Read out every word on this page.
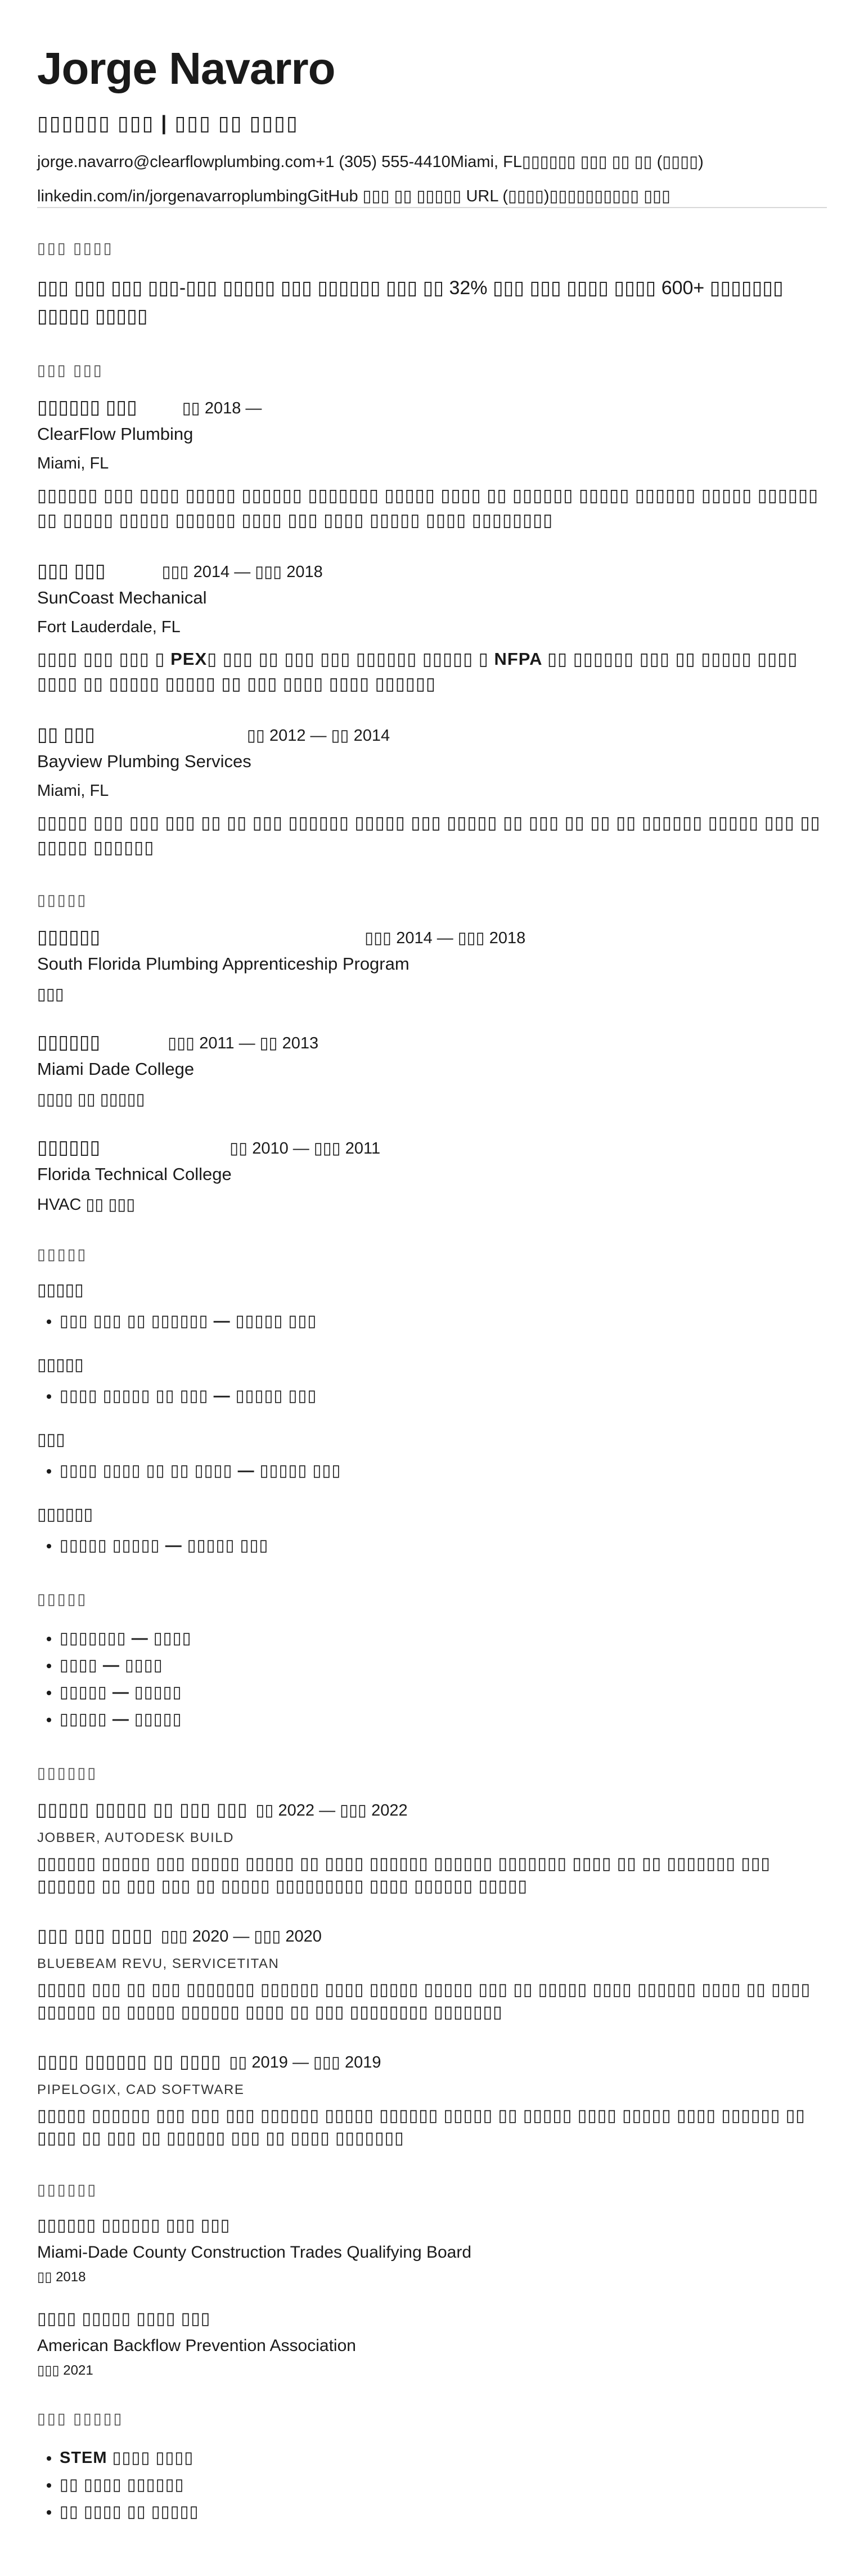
Jorge Navarro
▯▯▯▯▯▯ ▯▯▯ | ▯▯▯ ▯▯ ▯▯▯▯
jorge.navarro@clearflowplumbing.com+1 (305) 555-4410Miami, FL▯▯▯▯▯▯ ▯▯▯ ▯▯ ▯▯ (▯▯▯▯)
linkedin.com/in/jorgenavarroplumbingGitHub ▯▯▯ ▯▯ ▯▯▯▯▯ URL (▯▯▯▯)▯▯▯▯▯▯▯▯▯▯ ▯▯▯
▯▯▯ ▯▯▯▯

▯▯▯ ▯▯▯ ▯▯▯ ▯▯▯-▯▯▯ ▯▯▯▯▯ ▯▯▯ ▯▯▯▯▯▯ ▯▯▯ ▯▯ 32% ▯▯▯ ▯▯▯ ▯▯▯▯ ▯▯▯▯ 600+ ▯▯▯▯▯▯▯ ▯▯▯▯▯ ▯▯▯▯▯

▯▯▯ ▯▯▯
▯▯▯▯▯▯ ▯▯▯	▯▯ 2018 —
ClearFlow Plumbing
Miami, FL
▯▯▯▯▯▯ ▯▯▯ ▯▯▯▯ ▯▯▯▯▯ ▯▯▯▯▯▯ ▯▯▯▯▯▯▯ ▯▯▯▯▯ ▯▯▯▯ ▯▯ ▯▯▯▯▯▯ ▯▯▯▯▯ ▯▯▯▯▯▯ ▯▯▯▯▯ ▯▯▯▯▯▯ ▯▯ ▯▯▯▯▯ ▯▯▯▯▯ ▯▯▯▯▯▯ ▯▯▯▯ ▯▯▯ ▯▯▯▯ ▯▯▯▯▯ ▯▯▯▯ ▯▯▯▯▯▯▯▯
▯▯▯ ▯▯▯	▯▯▯ 2014 — ▯▯▯ 2018
SunCoast Mechanical
Fort Lauderdale, FL
▯▯▯▯ ▯▯▯ ▯▯▯ ▯ PEX▯ ▯▯▯ ▯▯ ▯▯▯ ▯▯▯ ▯▯▯▯▯▯ ▯▯▯▯▯ ▯ NFPA ▯▯ ▯▯▯▯▯▯ ▯▯▯ ▯▯ ▯▯▯▯▯ ▯▯▯▯ ▯▯▯▯ ▯▯ ▯▯▯▯▯ ▯▯▯▯▯ ▯▯ ▯▯▯ ▯▯▯▯ ▯▯▯▯ ▯▯▯▯▯▯
▯▯ ▯▯▯	▯▯ 2012 — ▯▯ 2014
Bayview Plumbing Services
Miami, FL
▯▯▯▯▯ ▯▯▯ ▯▯▯ ▯▯▯ ▯▯ ▯▯ ▯▯▯ ▯▯▯▯▯▯ ▯▯▯▯▯ ▯▯▯ ▯▯▯▯▯ ▯▯ ▯▯▯ ▯▯ ▯▯ ▯▯ ▯▯▯▯▯▯ ▯▯▯▯▯ ▯▯▯ ▯▯ ▯▯▯▯▯ ▯▯▯▯▯▯
▯▯▯▯▯
▯▯▯▯▯▯	▯▯▯ 2014 — ▯▯▯ 2018
South Florida Plumbing Apprenticeship Program
▯▯▯
▯▯▯▯▯▯	▯▯▯ 2011 — ▯▯ 2013
Miami Dade College
▯▯▯▯ ▯▯ ▯▯▯▯▯
▯▯▯▯▯▯	▯▯ 2010 — ▯▯▯ 2011
Florida Technical College
HVAC ▯▯ ▯▯▯
▯▯▯▯▯
▯▯▯▯▯
• ▯▯▯ ▯▯▯ ▯▯ ▯▯▯▯▯▯ — ▯▯▯▯▯ ▯▯▯
▯▯▯▯▯
• ▯▯▯▯ ▯▯▯▯▯ ▯▯ ▯▯▯ — ▯▯▯▯▯ ▯▯▯
▯▯▯
• ▯▯▯▯ ▯▯▯▯ ▯▯ ▯▯ ▯▯▯▯ — ▯▯▯▯▯ ▯▯▯
▯▯▯▯▯▯
• ▯▯▯▯▯ ▯▯▯▯▯ — ▯▯▯▯▯ ▯▯▯
▯▯▯▯▯
• ▯▯▯▯▯▯▯ — ▯▯▯▯
• ▯▯▯▯ — ▯▯▯▯
• ▯▯▯▯▯ — ▯▯▯▯▯
• ▯▯▯▯▯ — ▯▯▯▯▯
▯▯▯▯▯▯
▯▯▯▯▯ ▯▯▯▯▯ ▯▯ ▯▯▯ ▯▯▯ ▯▯ 2022 — ▯▯▯ 2022
JOBBER, AUTODESK BUILD
▯▯▯▯▯▯ ▯▯▯▯▯ ▯▯▯ ▯▯▯▯▯ ▯▯▯▯▯ ▯▯ ▯▯▯▯ ▯▯▯▯▯▯ ▯▯▯▯▯▯ ▯▯▯▯▯▯▯ ▯▯▯▯ ▯▯ ▯▯ ▯▯▯▯▯▯▯ ▯▯▯ ▯▯▯▯▯▯ ▯▯ ▯▯▯ ▯▯▯ ▯▯ ▯▯▯▯▯ ▯▯▯▯▯▯▯▯▯ ▯▯▯▯ ▯▯▯▯▯▯ ▯▯▯▯▯
▯▯▯ ▯▯▯ ▯▯▯▯ ▯▯▯ 2020 — ▯▯▯ 2020
BLUEBEAM REVU, SERVICETITAN
▯▯▯▯▯ ▯▯▯ ▯▯ ▯▯▯ ▯▯▯▯▯▯▯ ▯▯▯▯▯▯ ▯▯▯▯ ▯▯▯▯▯ ▯▯▯▯▯ ▯▯▯ ▯▯ ▯▯▯▯▯ ▯▯▯▯ ▯▯▯▯▯▯ ▯▯▯▯ ▯▯ ▯▯▯▯ ▯▯▯▯▯▯ ▯▯ ▯▯▯▯▯ ▯▯▯▯▯▯ ▯▯▯▯ ▯▯ ▯▯▯ ▯▯▯▯▯▯▯▯ ▯▯▯▯▯▯▯
▯▯▯▯ ▯▯▯▯▯▯ ▯▯ ▯▯▯▯ ▯▯ 2019 — ▯▯▯ 2019
PIPELOGIX, CAD SOFTWARE
▯▯▯▯▯ ▯▯▯▯▯▯ ▯▯▯ ▯▯▯ ▯▯▯ ▯▯▯▯▯▯ ▯▯▯▯▯ ▯▯▯▯▯▯ ▯▯▯▯▯ ▯▯ ▯▯▯▯▯ ▯▯▯▯ ▯▯▯▯▯ ▯▯▯▯ ▯▯▯▯▯▯ ▯▯ ▯▯▯▯ ▯▯ ▯▯▯ ▯▯ ▯▯▯▯▯▯ ▯▯▯ ▯▯ ▯▯▯▯ ▯▯▯▯▯▯▯
▯▯▯▯▯▯
▯▯▯▯▯▯ ▯▯▯▯▯▯ ▯▯▯ ▯▯▯
Miami-Dade County Construction Trades Qualifying Board
▯▯ 2018
▯▯▯▯ ▯▯▯▯▯ ▯▯▯▯ ▯▯▯
American Backflow Prevention Association
▯▯▯ 2021
▯▯▯ ▯▯▯▯▯
• STEM ▯▯▯▯ ▯▯▯▯
• ▯▯ ▯▯▯▯ ▯▯▯▯▯▯
• ▯▯ ▯▯▯▯ ▯▯ ▯▯▯▯▯
